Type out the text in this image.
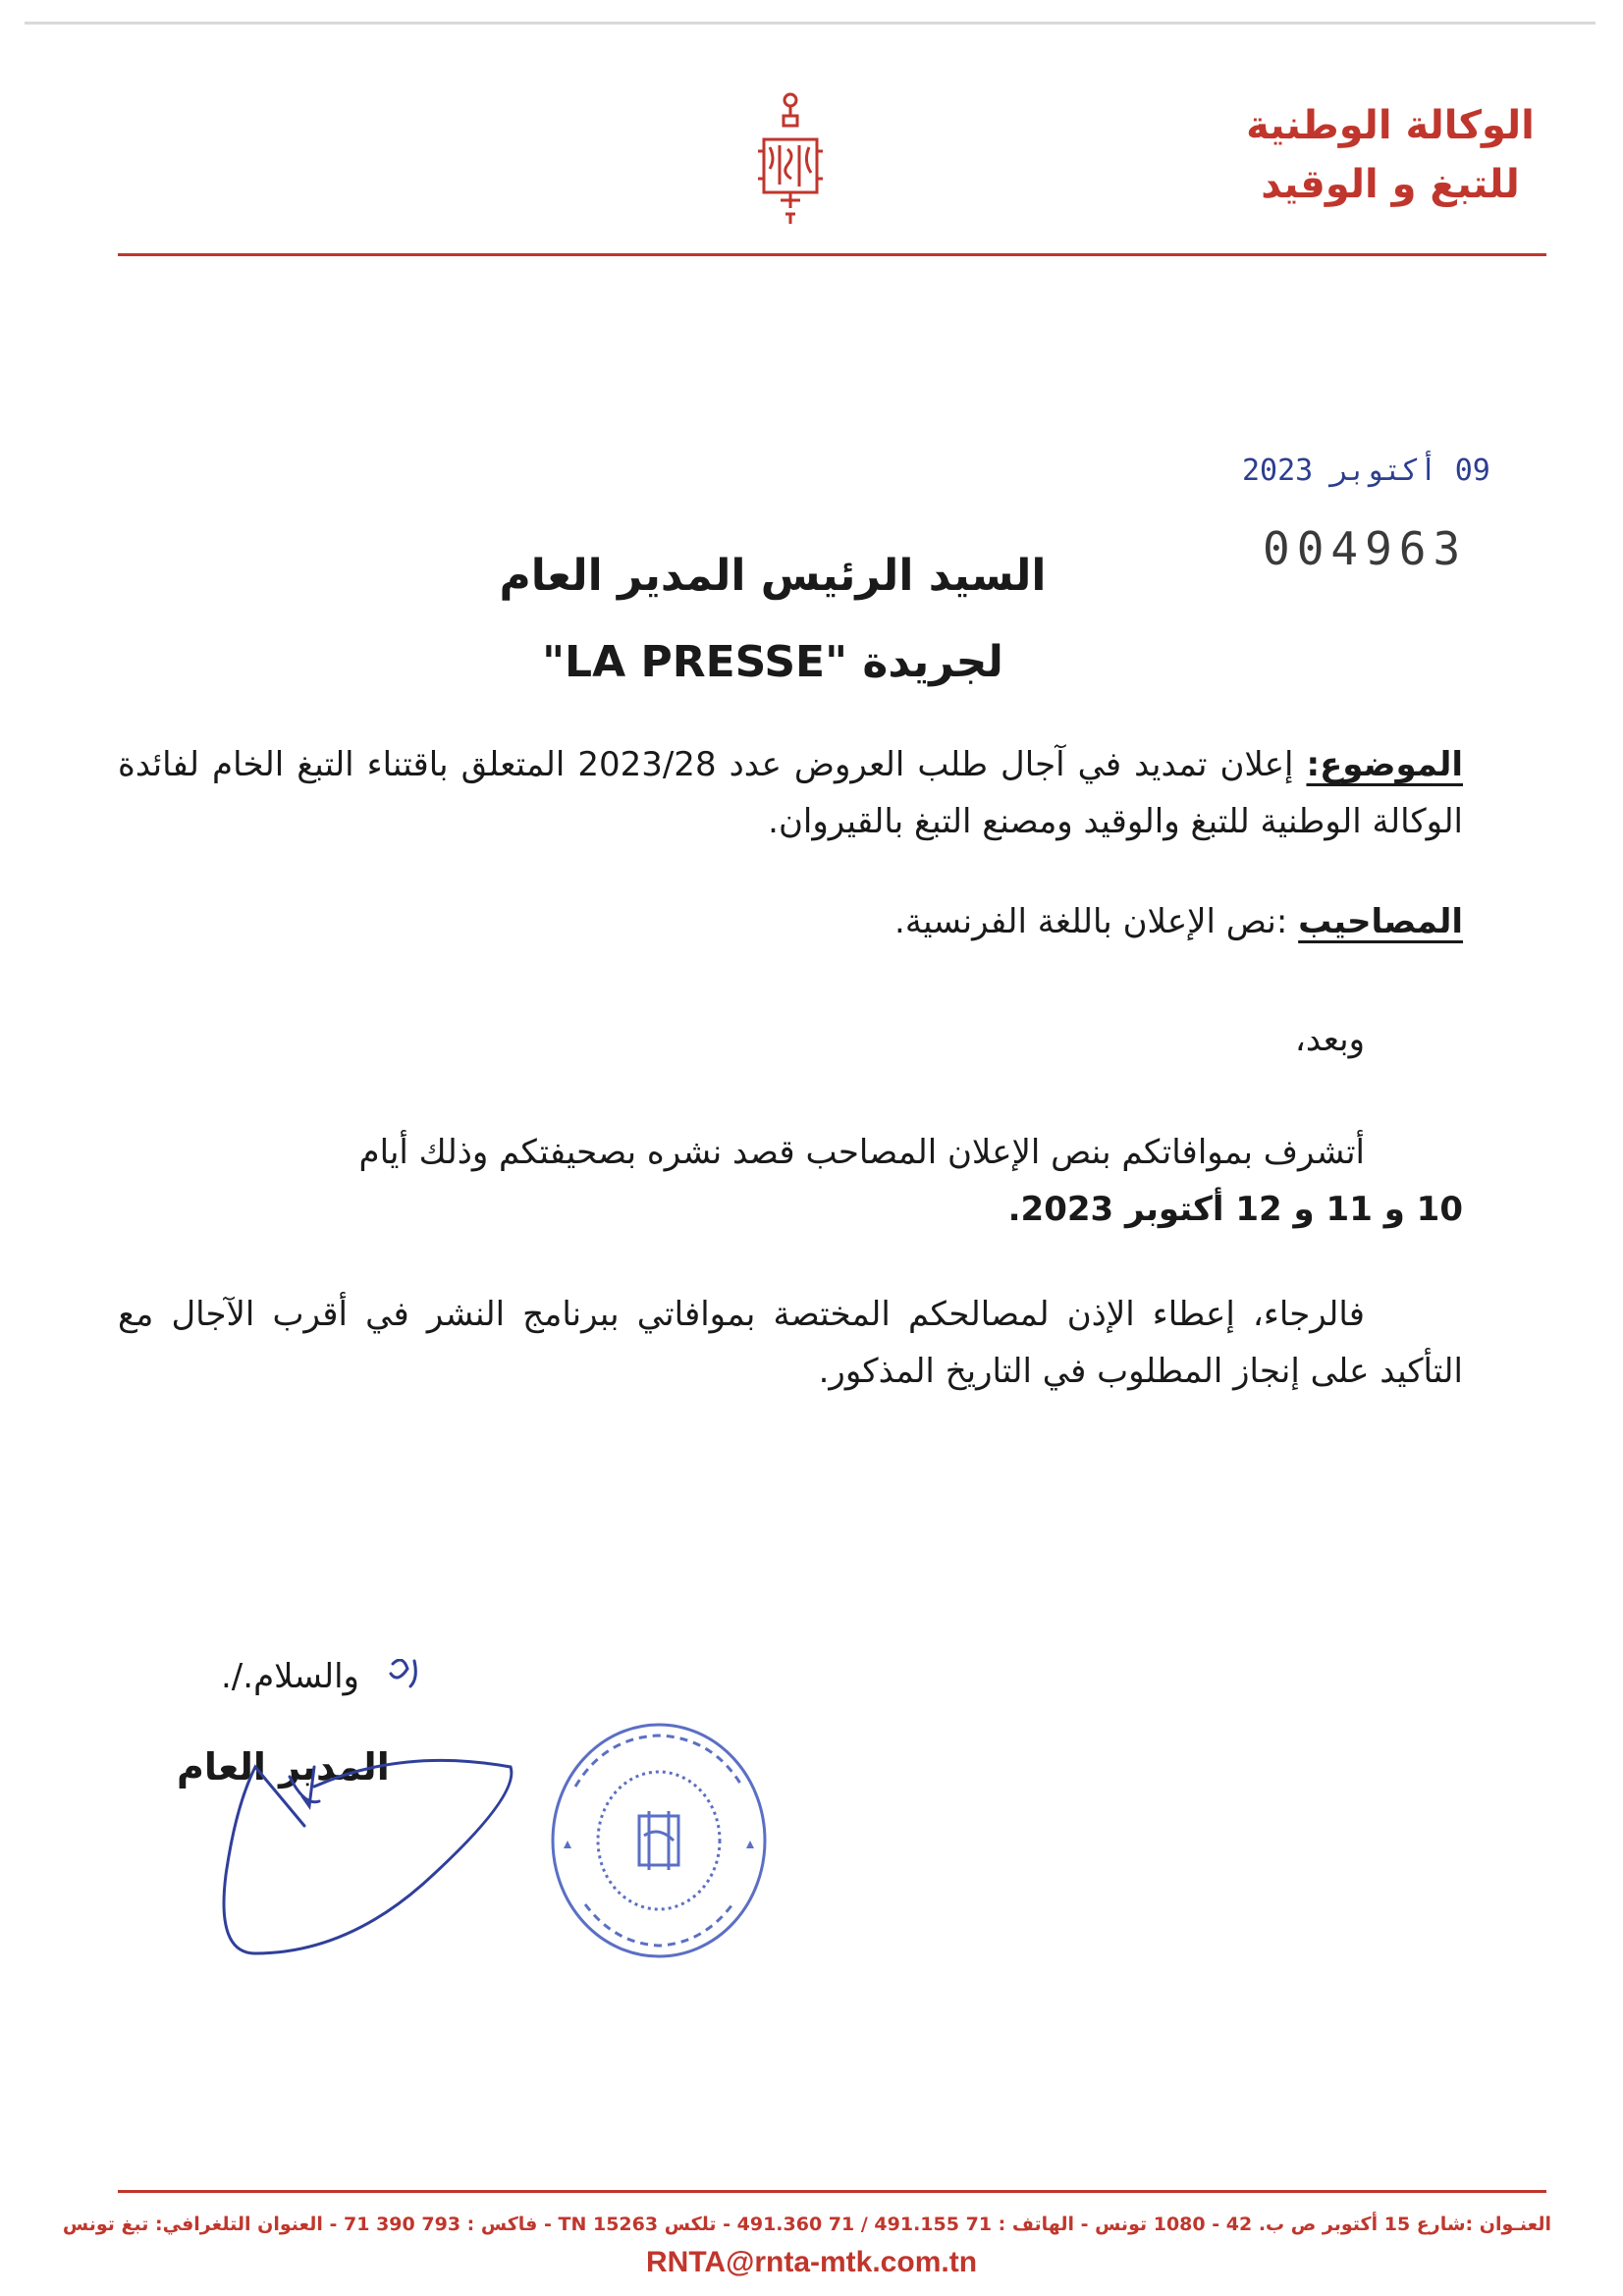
الوكالة الوطنية
للتبغ و الوقيد
09 أكتوبر 2023
004963
السيد الرئيس المدير العام
لجريدة "LA PRESSE"
الموضوع: إعلان تمديد في آجال طلب العروض عدد 2023/28 المتعلق باقتناء التبغ الخام لفائدة الوكالة الوطنية للتبغ والوقيد ومصنع التبغ بالقيروان.
المصاحيب :نص الإعلان باللغة الفرنسية.
وبعد،
أتشرف بموافاتكم بنص الإعلان المصاحب قصد نشره بصحيفتكم وذلك أيام
10 و 11 و 12 أكتوبر 2023.
فالرجاء، إعطاء الإذن لمصالحكم المختصة بموافاتي ببرنامج النشر في أقرب الآجال مع التأكيد على إنجاز المطلوب في التاريخ المذكور.
والسلام./.
المدير العام
العنـوان :شارع 15 أكتوبر ص ب. 42 - 1080 تونس - الهاتف : 71 491.155 / 71 491.360 - تلكس 15263 TN - فاكس : 793 390 71 - العنوان التلغرافي: تبغ تونس
RNTA@rnta-mtk.com.tn
